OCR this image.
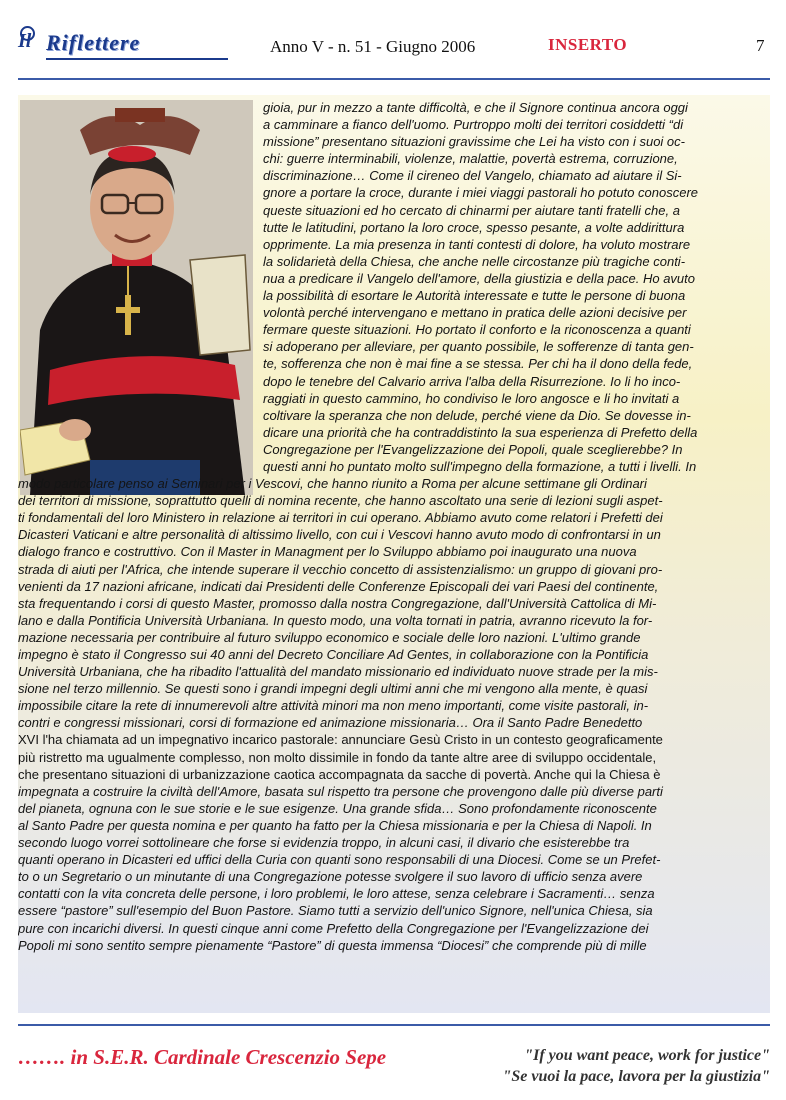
Il Riflettere	Anno V - n. 51 - Giugno 2006	INSERTO	7
gioia, pur in mezzo a tante difficoltà, e che il Signore continua ancora oggi
a camminare a fianco dell'uomo. Purtroppo molti dei territori cosiddetti “di
missione” presentano situazioni gravissime che Lei ha visto con i suoi oc-
chi: guerre interminabili, violenze, malattie, povertà estrema, corruzione,
discriminazione… Come il cireneo del Vangelo, chiamato ad aiutare il Si-
gnore a portare la croce, durante i miei viaggi pastorali ho potuto conoscere
queste situazioni ed ho cercato di chinarmi per aiutare tanti fratelli che, a
tutte le latitudini, portano la loro croce, spesso pesante, a volte addirittura
opprimente. La mia presenza in tanti contesti di dolore, ha voluto mostrare
la solidarietà della Chiesa, che anche nelle circostanze più tragiche conti-
nua a predicare il Vangelo dell'amore, della giustizia e della pace. Ho avuto
la possibilità di esortare le Autorità interessate e tutte le persone di buona
volontà perché intervengano e mettano in pratica delle azioni decisive per
fermare queste situazioni. Ho portato il conforto e la riconoscenza a quanti
si adoperano per alleviare, per quanto possibile, le sofferenze di tanta gen-
te, sofferenza che non è mai fine a se stessa. Per chi ha il dono della fede,
dopo le tenebre del Calvario arriva l'alba della Risurrezione. Io li ho inco-
raggiati in questo cammino, ho condiviso le loro angosce e li ho invitati a
coltivare la speranza che non delude, perché viene da Dio. Se dovesse in-
dicare una priorità che ha contraddistinto la sua esperienza di Prefetto della
Congregazione per l'Evangelizzazione dei Popoli, quale sceglierebbe? In
questi anni ho puntato molto sull'impegno della formazione, a tutti i livelli. In
modo particolare penso ai Seminari per i Vescovi, che hanno riunito a Roma per alcune settimane gli Ordinari
dei territori di missione, soprattutto quelli di nomina recente, che hanno ascoltato una serie di lezioni sugli aspet-
ti fondamentali del loro Ministero in relazione ai territori in cui operano. Abbiamo avuto come relatori i Prefetti dei
Dicasteri Vaticani e altre personalità di altissimo livello, con cui i Vescovi hanno avuto modo di confrontarsi in un
dialogo franco e costruttivo. Con il Master in Managment per lo Sviluppo abbiamo poi inaugurato una nuova
strada di aiuti per l'Africa, che intende superare il vecchio concetto di assistenzialismo: un gruppo di giovani pro-
venienti da 17 nazioni africane, indicati dai Presidenti delle Conferenze Episcopali dei vari Paesi del continente,
sta frequentando i corsi di questo Master, promosso dalla nostra Congregazione, dall'Università Cattolica di Mi-
lano e dalla Pontificia Università Urbaniana. In questo modo, una volta tornati in patria, avranno ricevuto la for-
mazione necessaria per contribuire al futuro sviluppo economico e sociale delle loro nazioni. L'ultimo grande
impegno è stato il Congresso sui 40 anni del Decreto Conciliare Ad Gentes, in collaborazione con la Pontificia
Università Urbaniana, che ha ribadito l'attualità del mandato missionario ed individuato nuove strade per la mis-
sione nel terzo millennio. Se questi sono i grandi impegni degli ultimi anni che mi vengono alla mente, è quasi
impossibile citare la rete di innumerevoli altre attività minori ma non meno importanti, come visite pastorali, in-
contri e congressi missionari, corsi di formazione ed animazione missionaria… Ora il Santo Padre Benedetto
XVI l'ha chiamata ad un impegnativo incarico pastorale: annunciare Gesù Cristo in un contesto geograficamente
più ristretto ma ugualmente complesso, non molto dissimile in fondo da tante altre aree di sviluppo occidentale,
che presentano situazioni di urbanizzazione caotica accompagnata da sacche di povertà. Anche qui la Chiesa è
impegnata a costruire la civiltà dell'Amore, basata sul rispetto tra persone che provengono dalle più diverse parti
del pianeta, ognuna con le sue storie e le sue esigenze. Una grande sfida… Sono profondamente riconoscente
al Santo Padre per questa nomina e per quanto ha fatto per la Chiesa missionaria e per la Chiesa di Napoli. In
secondo luogo vorrei sottolineare che forse si evidenzia troppo, in alcuni casi, il divario che esisterebbe tra
quanti operano in Dicasteri ed uffici della Curia con quanti sono responsabili di una Diocesi. Come se un Prefet-
to o un Segretario o un minutante di una Congregazione potesse svolgere il suo lavoro di ufficio senza avere
contatti con la vita concreta delle persone, i loro problemi, le loro attese, senza celebrare i Sacramenti… senza
essere “pastore” sull'esempio del Buon Pastore. Siamo tutti a servizio dell'unico Signore, nell'unica Chiesa, sia
pure con incarichi diversi. In questi cinque anni come Prefetto della Congregazione per l'Evangelizzazione dei
Popoli mi sono sentito sempre pienamente “Pastore” di questa immensa “Diocesi” che comprende più di mille
……. in S.E.R. Cardinale Crescenzio Sepe	"If you want peace, work for justice"
"Se vuoi la pace, lavora per la giustizia"
